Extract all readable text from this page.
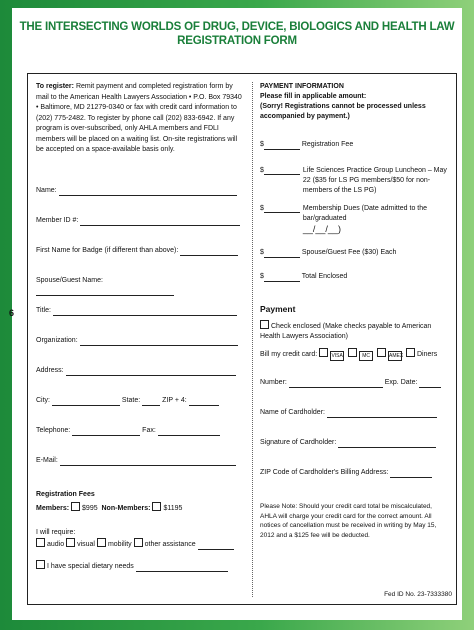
THE INTERSECTING WORLDS OF DRUG, DEVICE, BIOLOGICS AND HEALTH LAW
REGISTRATION FORM
6

To register: Remit payment and completed registration form by mail to the American Health Lawyers Association • P.O. Box 79340 • Baltimore, MD 21279-0340 or fax with credit card information to (202) 775-2482. To register by phone call (202) 833-6942. If any program is over-subscribed, only AHLA members and FDLI members will be placed on a waiting list. On-site registrations will be accepted on a space-available basis only.

Name:
Member ID #:
First Name for Badge (if different than above):
Spouse/Guest Name:
Title:
Organization:
Address:
City:	State:	ZIP + 4:
Telephone:	Fax:
E-Mail:
Registration Fees
Members: $995 Non-Members: $1195
I will require:
audio visual mobility other assistance
I have special dietary needs
PAYMENT INFORMATION
Please fill in applicable amount:
(Sorry! Registrations cannot be processed unless accompanied by payment.)
$	Registration Fee
$	Life Sciences Practice Group Luncheon – May 22 ($35 for LS PG members/$50 for non-members of the LS PG)
$	Membership Dues (Date admitted to the bar/graduated
__/__/__)
$	Spouse/Guest Fee ($30) Each
$	Total Enclosed
Payment
Check enclosed (Make checks payable to American Health Lawyers Association)
Bill my credit card:	VISA	MC	AMEX Diners
Number:	Exp. Date:
Name of Cardholder:
Signature of Cardholder:
ZIP Code of Cardholder's Billing Address:
Please Note: Should your credit card total be miscalculated, AHLA will charge your credit card for the correct amount. All notices of cancellation must be received in writing by May 15, 2012 and a $125 fee will be deducted.
Fed ID No. 23-7333380
